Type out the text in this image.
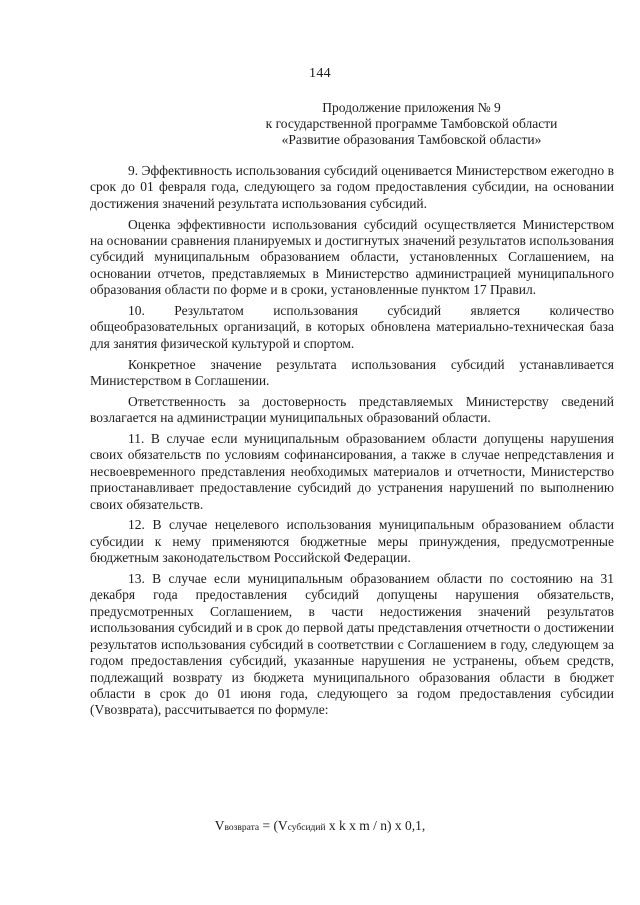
144
Продолжение приложения № 9
к государственной программе Тамбовской области
«Развитие образования Тамбовской области»

9. Эффективность использования субсидий оценивается Министерством ежегодно в срок до 01 февраля года, следующего за годом предоставления субсидии, на основании достижения значений результата использования субсидий.

Оценка эффективности использования субсидий осуществляется Министерством на основании сравнения планируемых и достигнутых значений результатов использования субсидий муниципальным образованием области, установленных Соглашением, на основании отчетов, представляемых в Министерство администрацией муниципального образования области по форме и в сроки, установленные пунктом 17 Правил.

10. Результатом использования субсидий является количество общеобразовательных организаций, в которых обновлена материально-техническая база для занятия физической культурой и спортом.

Конкретное значение результата использования субсидий устанавливается Министерством в Соглашении.

Ответственность за достоверность представляемых Министерству сведений возлагается на администрации муниципальных образований области.

11. В случае если муниципальным образованием области допущены нарушения своих обязательств по условиям софинансирования, а также в случае непредставления и несвоевременного представления необходимых материалов и отчетности, Министерство приостанавливает предоставление субсидий до устранения нарушений по выполнению своих обязательств.

12. В случае нецелевого использования муниципальным образованием области субсидии к нему применяются бюджетные меры принуждения, предусмотренные бюджетным законодательством Российской Федерации.

13. В случае если муниципальным образованием области по состоянию на 31 декабря года предоставления субсидий допущены нарушения обязательств, предусмотренных Соглашением, в части недостижения значений результатов использования субсидий и в срок до первой даты представления отчетности о достижении результатов использования субсидий в соответствии с Соглашением в году, следующем за годом предоставления субсидий, указанные нарушения не устранены, объем средств, подлежащий возврату из бюджета муниципального образования области в бюджет области в срок до 01 июня года, следующего за годом предоставления субсидии (Vвозврата), рассчитывается по формуле:

Vвозврата = (Vсубсидий x k x m / n) x 0,1,
